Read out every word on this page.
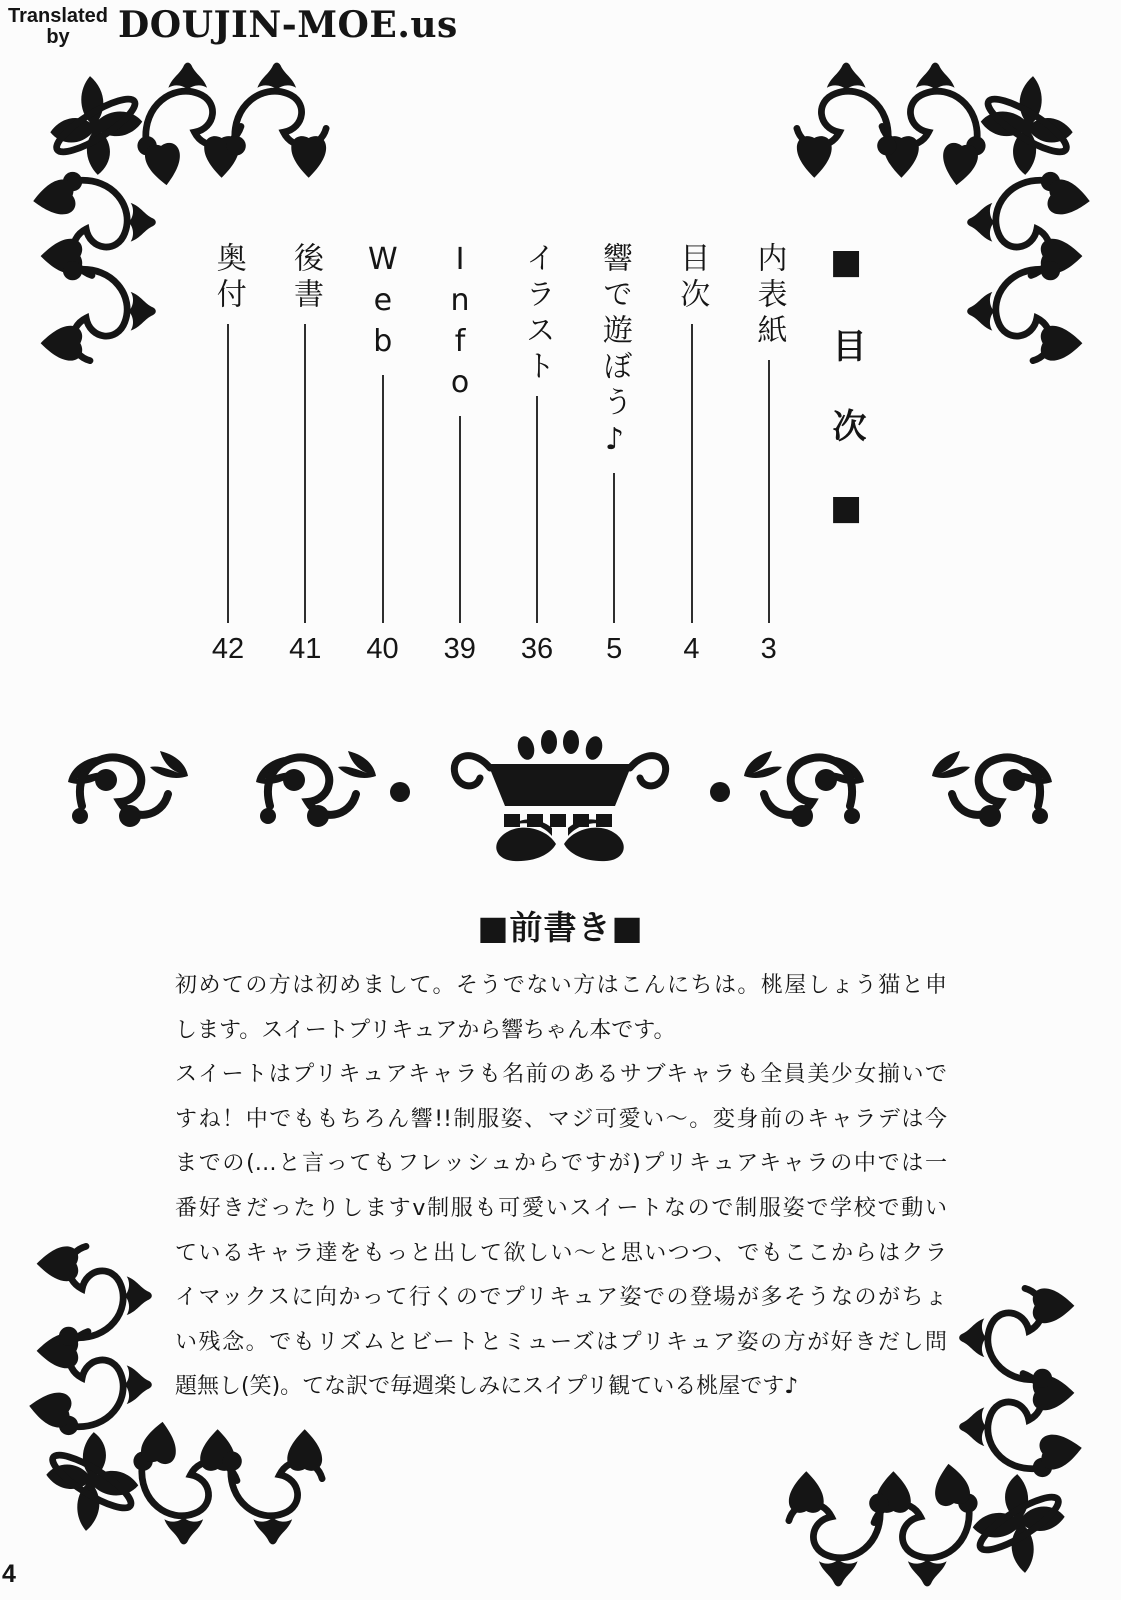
Translated by	DOUJIN-MOE.us
■目次■
内表紙
3
目次
4
響で遊ぼう♪
5
イラスト
36
Info
39
Web
40
後書
41
奥付
42
■前書き■
初めての方は初めまして。そうでない方はこんにちは。桃屋しょう猫と申
します。スイートプリキュアから響ちゃん本です。
スイートはプリキュアキャラも名前のあるサブキャラも全員美少女揃いで
すね！中でももちろん響!!制服姿、マジ可愛い～。変身前のキャラデは今
までの(…と言ってもフレッシュからですが)プリキュアキャラの中では一
番好きだったりしますv制服も可愛いスイートなので制服姿で学校で動い
ているキャラ達をもっと出して欲しい～と思いつつ、でもここからはクラ
イマックスに向かって行くのでプリキュア姿での登場が多そうなのがちょ
い残念。でもリズムとビートとミューズはプリキュア姿の方が好きだし問
題無し(笑)。てな訳で毎週楽しみにスイプリ観ている桃屋です♪
4
